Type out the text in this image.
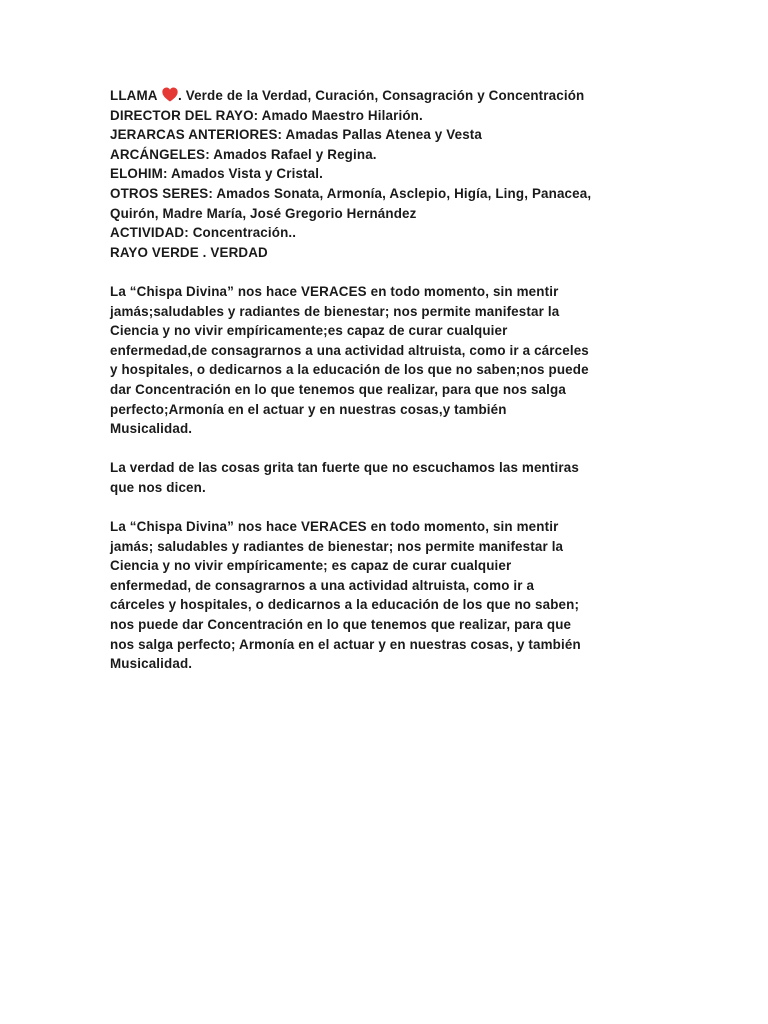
LLAMA . Verde de la Verdad, Curación, Consagración y Concentración
DIRECTOR DEL RAYO: Amado Maestro Hilarión.
JERARCAS ANTERIORES: Amadas Pallas Atenea y Vesta
ARCÁNGELES: Amados Rafael y Regina.
ELOHIM: Amados Vista y Cristal.
OTROS SERES: Amados Sonata, Armonía, Asclepio, Higía, Ling, Panacea,
Quirón, Madre María, José Gregorio Hernández
ACTIVIDAD: Concentración..
RAYO VERDE . VERDAD

La “Chispa Divina” nos hace VERACES en todo momento, sin mentir
jamás;saludables y radiantes de bienestar; nos permite manifestar la
Ciencia y no vivir empíricamente;es capaz de curar cualquier
enfermedad,de consagrarnos a una actividad altruista, como ir a cárceles
y hospitales, o dedicarnos a la educación de los que no saben;nos puede
dar Concentración en lo que tenemos que realizar, para que nos salga
perfecto;Armonía en el actuar y en nuestras cosas,y también
Musicalidad.

La verdad de las cosas grita tan fuerte que no escuchamos las mentiras
que nos dicen.

La “Chispa Divina” nos hace VERACES en todo momento, sin mentir
jamás; saludables y radiantes de bienestar; nos permite manifestar la
Ciencia y no vivir empíricamente; es capaz de curar cualquier
enfermedad, de consagrarnos a una actividad altruista, como ir a
cárceles y hospitales, o dedicarnos a la educación de los que no saben;
nos puede dar Concentración en lo que tenemos que realizar, para que
nos salga perfecto; Armonía en el actuar y en nuestras cosas, y también
Musicalidad.
